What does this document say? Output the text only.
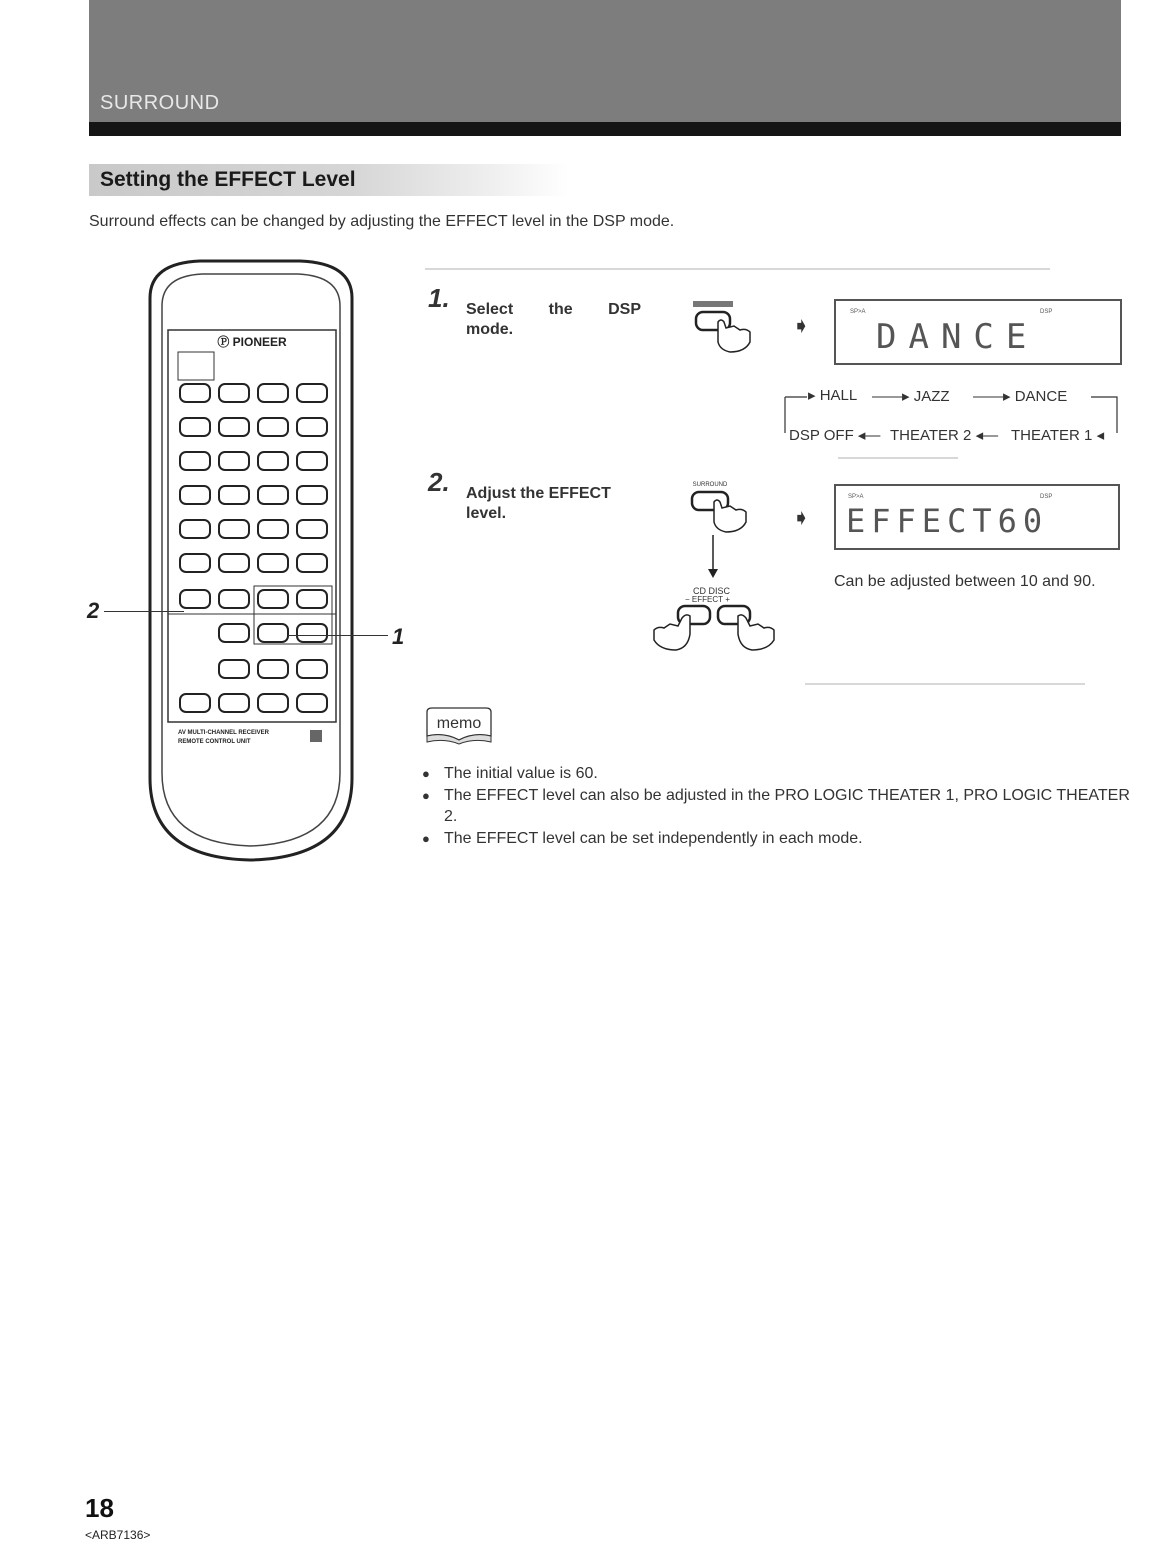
SURROUND
Setting the EFFECT Level
Surround effects can be changed by adjusting the EFFECT level in the DSP mode.
Ⓟ PIONEER
AV MULTI-CHANNEL RECEIVER
REMOTE CONTROL UNIT
2
1
1. Select the DSP
mode.	➧
SP>A	DSP
DANCE
▸ HALL ——▸ JAZZ ——▸ DANCE
DSP OFF ◂— THEATER 2 ◂— THEATER 1 ◂
2. Adjust the EFFECT
level.
SURROUND
CD DISC
− EFFECT +
➧
SP>A	DSP
EFFECT60
Can be adjusted between 10 and 90.
memo
● The initial value is 60.
● The EFFECT level can also be adjusted in the PRO LOGIC THEATER 1, PRO LOGIC THEATER 2.
● The EFFECT level can be set independently in each mode.
18
<ARB7136>
